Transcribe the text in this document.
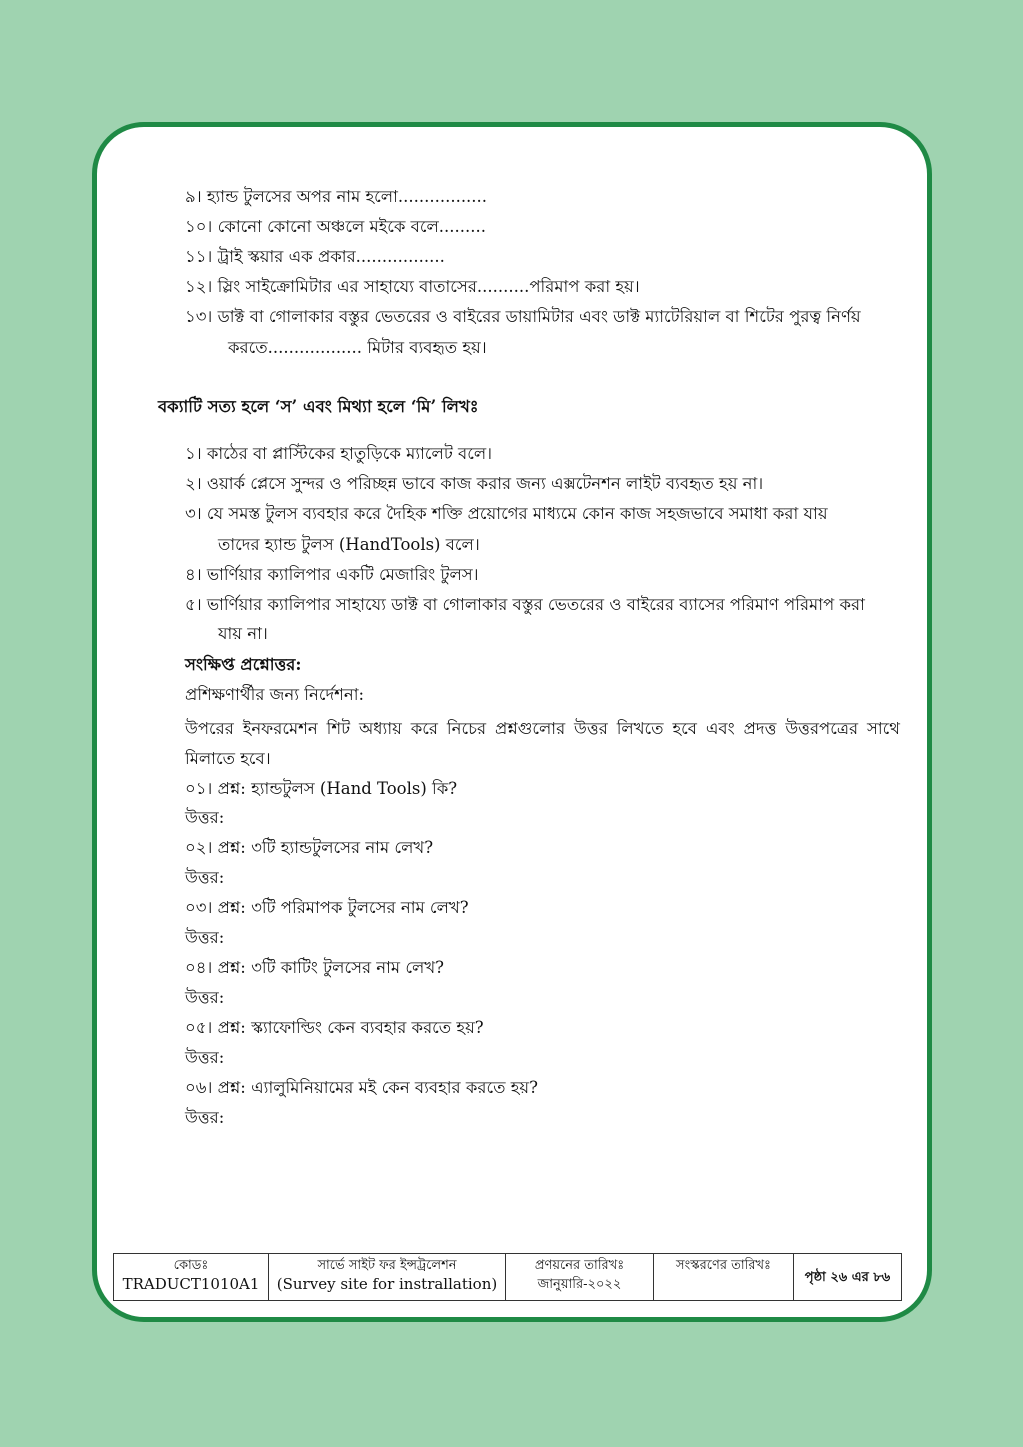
৯। হ্যান্ড টুলসের অপর নাম হলো.................
১০। কোনো কোনো অঞ্চলে মইকে বলে.........
১১। ট্রাই স্কয়ার এক প্রকার.................
১২। স্লিং সাইক্রোমিটার এর সাহায্যে বাতাসের..........পরিমাপ করা হয়।
১৩। ডাক্ট বা গোলাকার বস্তুর ভেতরের ও বাইরের ডায়ামিটার এবং ডাক্ট ম্যাটেরিয়াল বা শিটের পুরত্ব নির্ণয়
করতে.................. মিটার ব্যবহৃত হয়।
বক্যাটি সত্য হলে ‘স’ এবং মিথ্যা হলে ‘মি’ লিখঃ
১। কাঠের বা প্লাস্টিকের হাতুড়িকে ম্যালেট বলে।
২। ওয়ার্ক প্লেসে সুন্দর ও পরিচ্ছন্ন ভাবে কাজ করার জন্য এক্সটেনশন লাইট ব্যবহৃত হয় না।
৩। যে সমস্ত টুলস ব্যবহার করে দৈহিক শক্তি প্রয়োগের মাধ্যমে কোন কাজ সহজভাবে সমাধা করা যায়
তাদের হ্যান্ড টুলস (HandTools) বলে।
৪। ভার্ণিয়ার ক্যালিপার একটি মেজারিং টুলস।
৫। ভার্ণিয়ার ক্যালিপার সাহায্যে ডাক্ট বা গোলাকার বস্তুর ভেতরের ও বাইরের ব্যাসের পরিমাণ পরিমাপ করা
যায় না।
সংক্ষিপ্ত প্রশ্নোত্তর:
প্রশিক্ষণার্থীর জন্য নির্দেশনা:
উপরের ইনফরমেশন শিট অধ্যায় করে নিচের প্রশ্নগুলোর উত্তর লিখতে হবে এবং প্রদত্ত উত্তরপত্রের সাথে মিলাতে হবে।
০১। প্রশ্ন: হ্যান্ডটুলস (Hand Tools) কি?
উত্তর:
০২। প্রশ্ন: ৩টি হ্যান্ডটুলসের নাম লেখ?
উত্তর:
০৩। প্রশ্ন: ৩টি পরিমাপক টুলসের নাম লেখ?
উত্তর:
০৪। প্রশ্ন: ৩টি কাটিং টুলসের নাম লেখ?
উত্তর:
০৫। প্রশ্ন: স্ক্যাফোল্ডিং কেন ব্যবহার করতে হয়?
উত্তর:
০৬। প্রশ্ন: এ্যালুমিনিয়ামের মই কেন ব্যবহার করতে হয়?
উত্তর:
কোডঃ
TRADUCT1010A1

সার্ভে সাইট ফর ইন্সট্রলেশন
(Survey site for instrallation)

প্রণয়নের তারিখঃ
জানুয়ারি-২০২২

সংস্করণের তারিখঃ

পৃষ্ঠা ২৬ এর ৮৬
